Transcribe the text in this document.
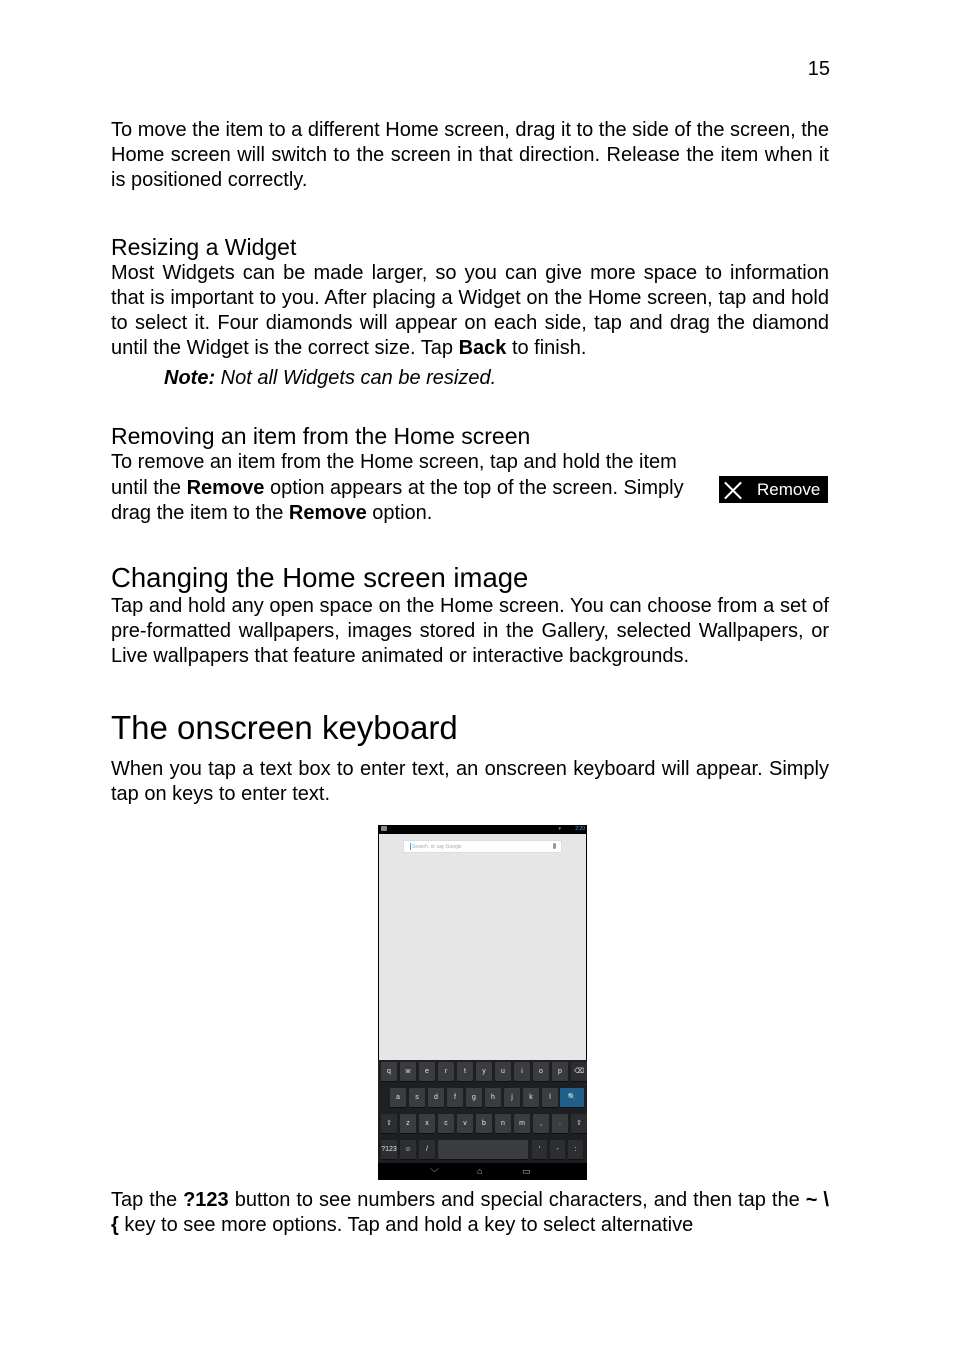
15

To move the item to a different Home screen, drag it to the side of the screen, the Home screen will switch to the screen in that direction. Release the item when it is positioned correctly.

Resizing a Widget

Most Widgets can be made larger, so you can give more space to information that is important to you. After placing a Widget on the Home screen, tap and hold to select it. Four diamonds will appear on each side, tap and drag the diamond until the Widget is the correct size. Tap Back to finish.

Note: Not all Widgets can be resized.
Removing an item from the Home screen

To remove an item from the Home screen, tap and hold the item until the Remove option appears at the top of the screen. Simply drag the item to the Remove option.

Remove
Changing the Home screen image

Tap and hold any open space on the Home screen. You can choose from a set of pre-formatted wallpapers, images stored in the Gallery, selected Wallpapers, or Live wallpapers that feature animated or interactive backgrounds.

The onscreen keyboard

When you tap a text box to enter text, an onscreen keyboard will appear. Simply tap on keys to enter text.

▾	2:20
Search, or say Google
q	w	e	r	t	y	u	i	o	p	⌫
a	s	d	f	g	h	j	k	l	🔍
⇧	z	x	c	v	b	n	m	,	.	⇧
?123	☺	/	'	-	:
﹀	⌂	▭

Tap the ?123 button to see numbers and special characters, and then tap the ~ \ { key to see more options. Tap and hold a key to select alternative
